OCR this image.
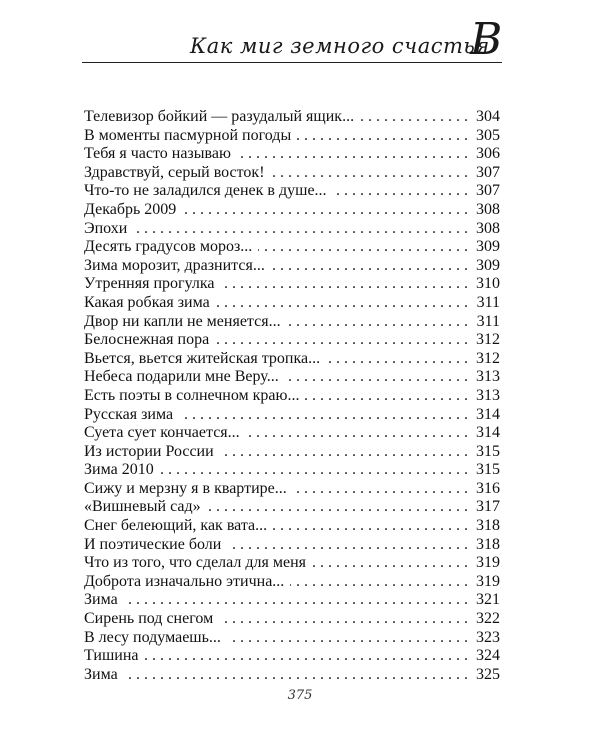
Как миг земного счастья
В
Телевизор бойкий — разудалый ящик... . . .	304
В моменты пасмурной погоды . . .	305
Тебя я часто называю . . .	306
Здравствуй, серый восток! . . .	307
Что-то не заладился денек в душе... . . .	307
Декабрь 2009 . . .	308
Эпохи . . .	308
Десять градусов мороз... . . .	309
Зима морозит, дразнится... . . .	309
Утренняя прогулка . . .	310
Какая робкая зима . . .	311
Двор ни капли не меняется... . . .	311
Белоснежная пора . . .	312
Вьется, вьется житейская тропка... . . .	312
Небеса подарили мне Веру... . . .	313
Есть поэты в солнечном краю... . . .	313
Русская зима . . .	314
Суета сует кончается... . . .	314
Из истории России . . .	315
Зима 2010 . . .	315
Сижу и мерзну я в квартире... . . .	316
«Вишневый сад» . . .	317
Снег белеющий, как вата... . . .	318
И поэтические боли . . .	318
Что из того, что сделал для меня . . .	319
Доброта изначально этична... . . .	319
Зима . . .	321
Сирень под снегом . . .	322
В лесу подумаешь... . . .	323
Тишина . . .	324
Зима . . .	325
375
